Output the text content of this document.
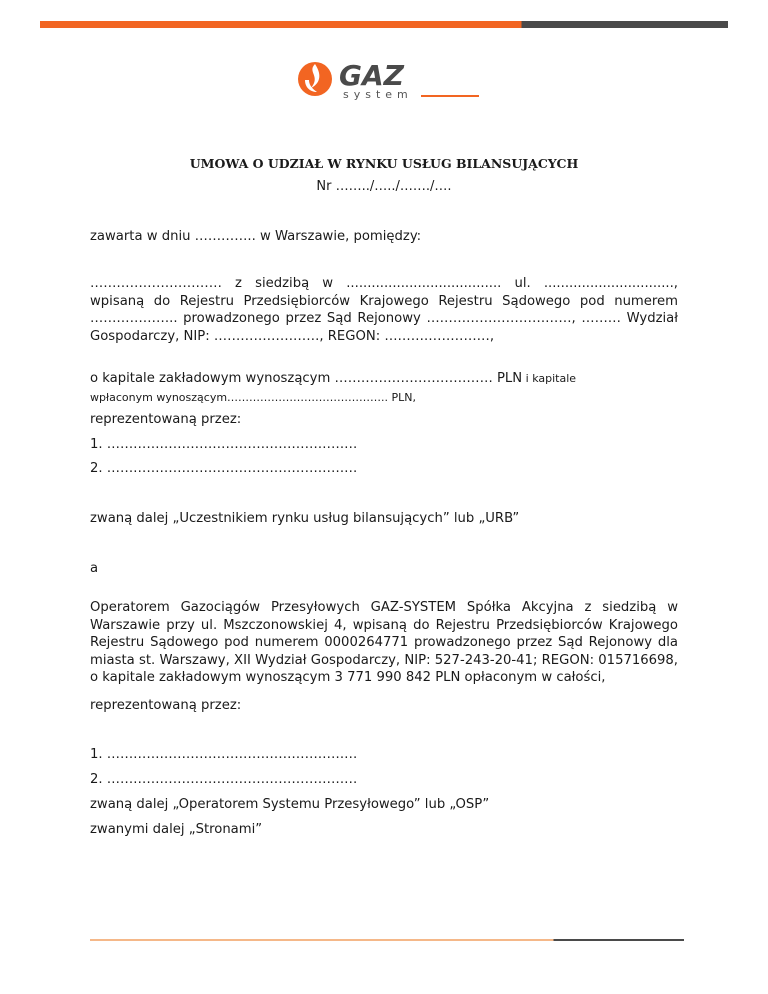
GAZ
system
UMOWA O UDZIAŁ W RYNKU USŁUG BILANSUJĄCYCH
Nr ……../…../……./….
zawarta w dniu ………….. w Warszawie, pomiędzy:
………………………… z siedzibą w ..................................... ul. ..............................., wpisaną do Rejestru Przedsiębiorców Krajowego Rejestru Sądowego pod numerem ……………….. prowadzonego przez Sąd Rejonowy ……………………………, ……… Wydział Gospodarczy, NIP: ……………………, REGON: ……………………,
o kapitale zakładowym wynoszącym ……………………………… PLN i kapitale
wpłaconym wynoszącym…………………………………….. PLN,
reprezentowaną przez:
1. …………………………………………………
2. …………………………………………………
zwaną dalej „Uczestnikiem rynku usług bilansujących” lub „URB”
a
Operatorem Gazociągów Przesyłowych GAZ-SYSTEM Spółka Akcyjna z siedzibą w Warszawie przy ul. Mszczonowskiej 4, wpisaną do Rejestru Przedsiębiorców Krajowego Rejestru Sądowego pod numerem 0000264771 prowadzonego przez Sąd Rejonowy dla miasta st. Warszawy, XII Wydział Gospodarczy, NIP: 527-243-20-41; REGON: 015716698, o kapitale zakładowym wynoszącym 3 771 990 842 PLN opłaconym w całości,
reprezentowaną przez:
1. …………………………………………………
2. …………………………………………………
zwaną dalej „Operatorem Systemu Przesyłowego” lub „OSP”
zwanymi dalej „Stronami”
